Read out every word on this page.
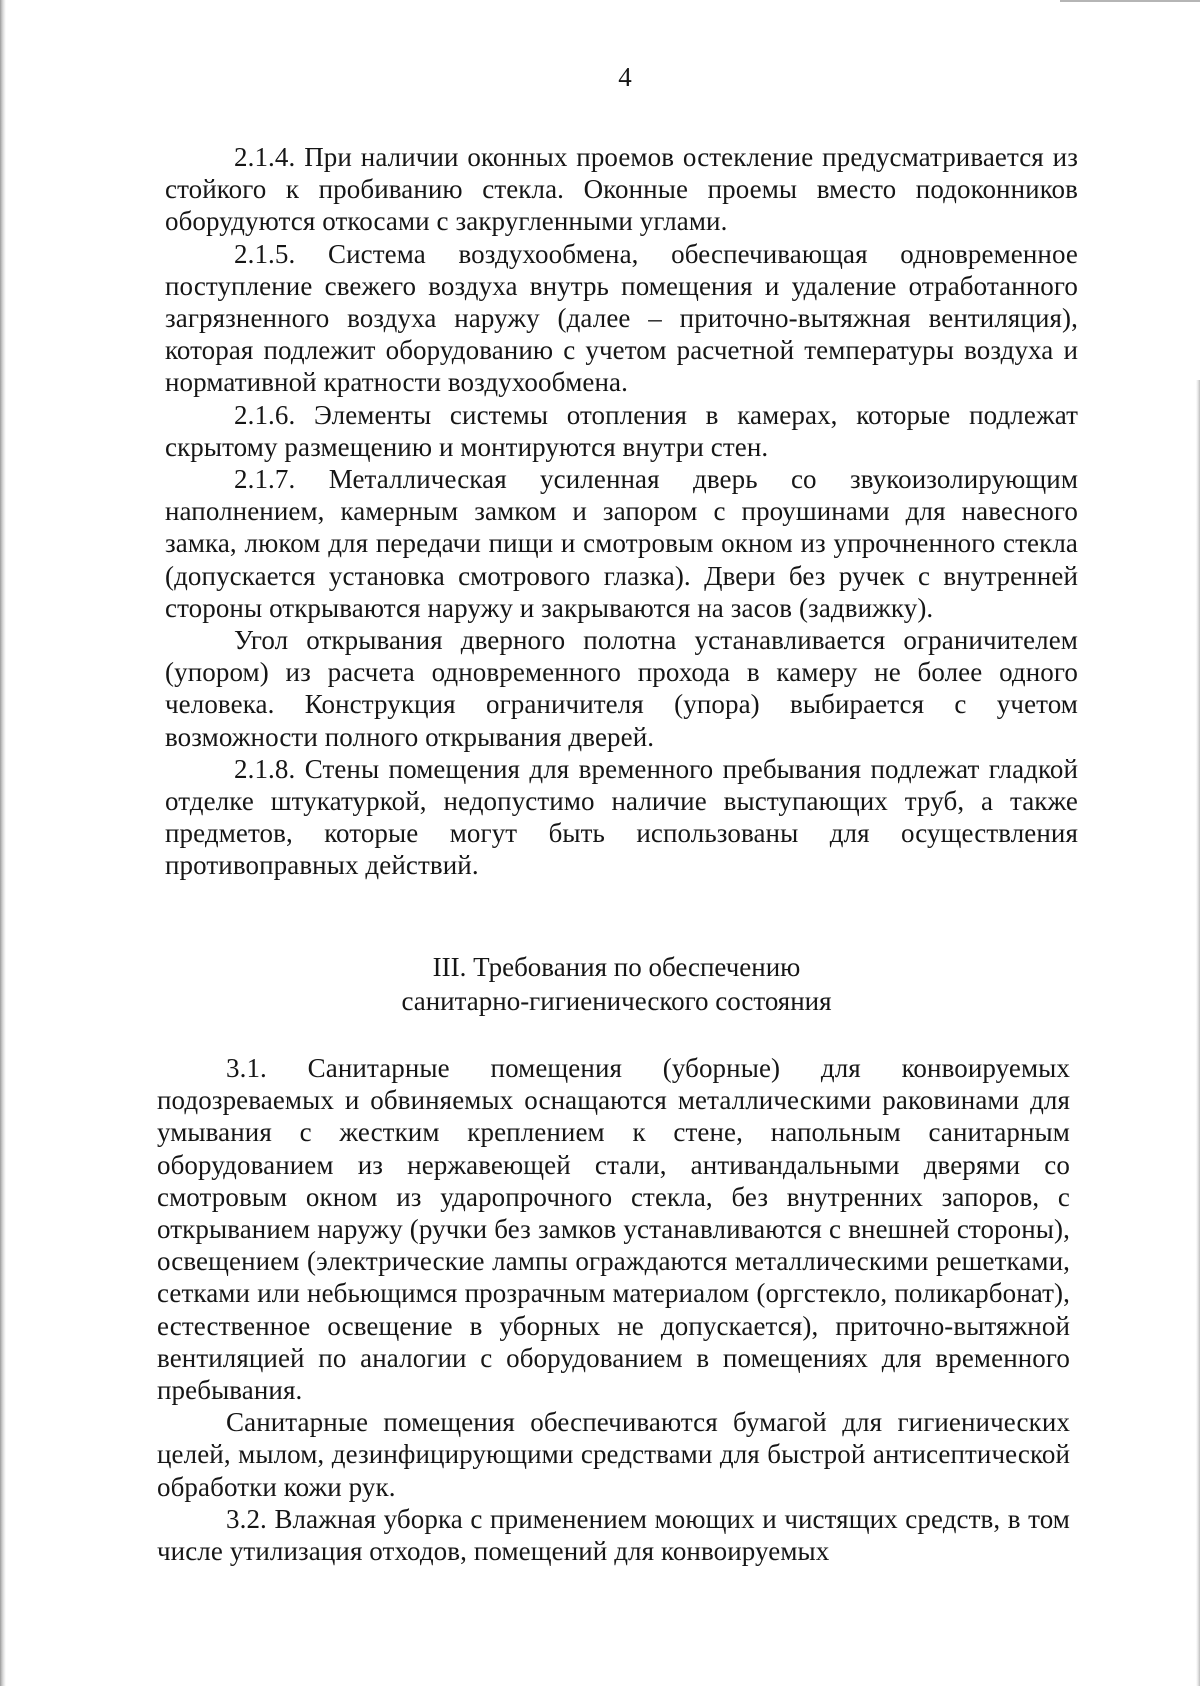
4

2.1.4. При наличии оконных проемов остекление предусматривается из стойкого к пробиванию стекла. Оконные проемы вместо подоконников оборудуются откосами с закругленными углами.

2.1.5. Система воздухообмена, обеспечивающая одновременное поступление свежего воздуха внутрь помещения и удаление отработанного загрязненного воздуха наружу (далее – приточно-вытяжная вентиляция), которая подлежит оборудованию с учетом расчетной температуры воздуха и нормативной кратности воздухообмена.

2.1.6. Элементы системы отопления в камерах, которые подлежат скрытому размещению и монтируются внутри стен.

2.1.7. Металлическая усиленная дверь со звукоизолирующим наполнением, камерным замком и запором с проушинами для навесного замка, люком для передачи пищи и смотровым окном из упрочненного стекла (допускается установка смотрового глазка). Двери без ручек с внутренней стороны открываются наружу и закрываются на засов (задвижку).

Угол открывания дверного полотна устанавливается ограничителем (упором) из расчета одновременного прохода в камеру не более одного человека. Конструкция ограничителя (упора) выбирается с учетом возможности полного открывания дверей.

2.1.8. Стены помещения для временного пребывания подлежат гладкой отделке штукатуркой, недопустимо наличие выступающих труб, а также предметов, которые могут быть использованы для осуществления противоправных действий.

III. Требования по обеспечению
санитарно-гигиенического состояния

3.1. Санитарные помещения (уборные) для конвоируемых подозреваемых и обвиняемых оснащаются металлическими раковинами для умывания с жестким креплением к стене, напольным санитарным оборудованием из нержавеющей стали, антивандальными дверями со смотровым окном из ударопрочного стекла, без внутренних запоров, с открыванием наружу (ручки без замков устанавливаются с внешней стороны), освещением (электрические лампы ограждаются металлическими решетками, сетками или небьющимся прозрачным материалом (оргстекло, поликарбонат), естественное освещение в уборных не допускается), приточно-вытяжной вентиляцией по аналогии с оборудованием в помещениях для временного пребывания.

Санитарные помещения обеспечиваются бумагой для гигиенических целей, мылом, дезинфицирующими средствами для быстрой антисептической обработки кожи рук.

3.2. Влажная уборка с применением моющих и чистящих средств, в том числе утилизация отходов, помещений для конвоируемых
